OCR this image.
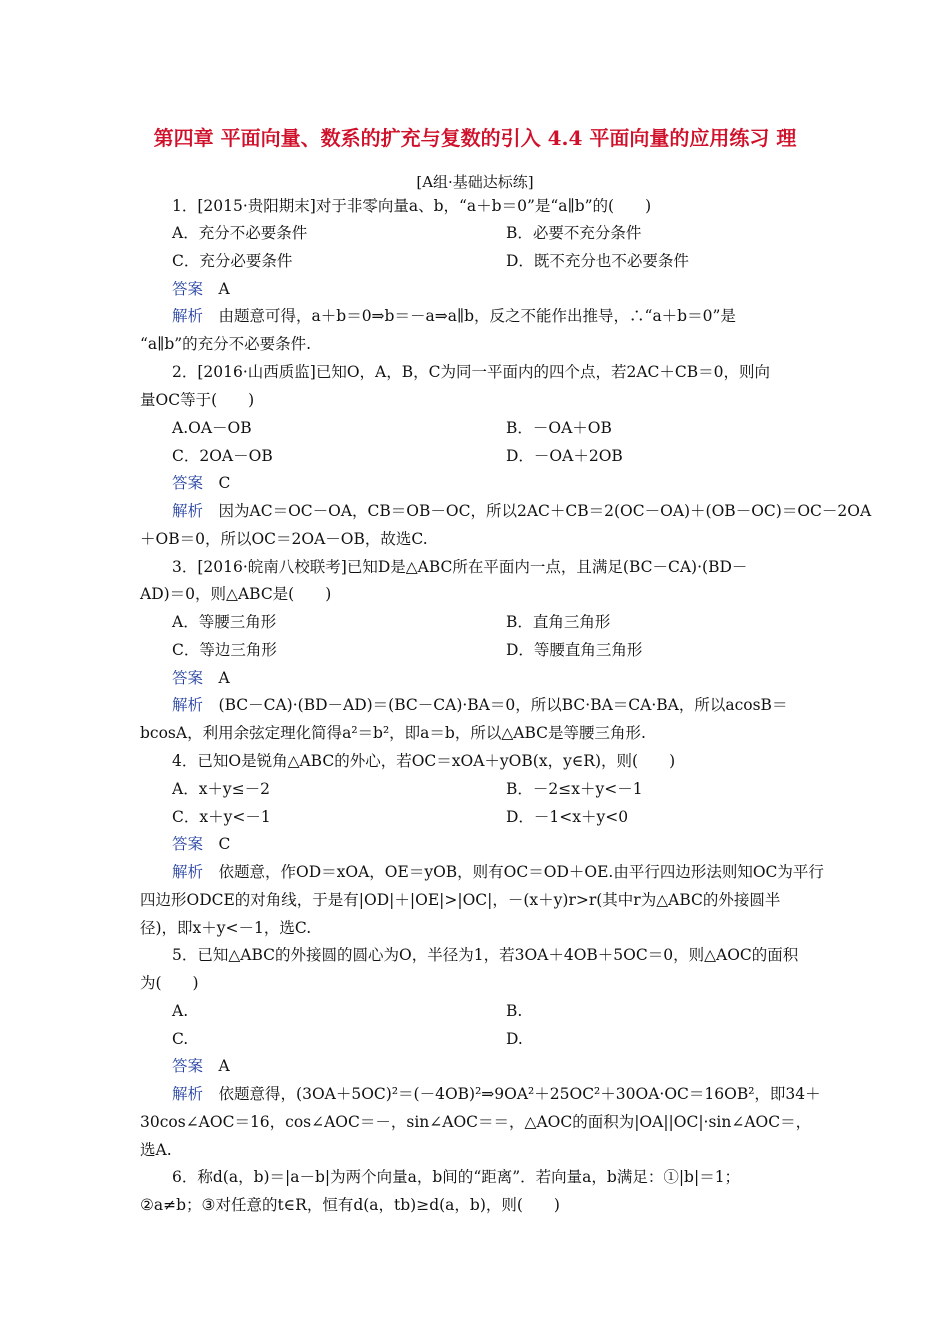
第四章 平面向量、数系的扩充与复数的引入 4.4 平面向量的应用练习 理
[A组·基础达标练]
1．[2015·贵阳期末]对于非零向量a、b，“a＋b＝0”是“a∥b”的(　　)
A．充分不必要条件	B．必要不充分条件
C．充分必要条件	D．既不充分也不必要条件
答案　 A
解析　 由题意可得，a＋b＝0⇒b＝－a⇒a∥b，反之不能作出推导，∴“a＋b＝0”是
“a∥b”的充分不必要条件.
2．[2016·山西质监]已知O，A，B，C为同一平面内的四个点，若2AC＋CB＝0，则向
量OC等于(　　)
A.OA－OB	B．－OA＋OB
C．2OA－OB	D．－OA＋2OB
答案　 C
解析　 因为AC＝OC－OA，CB＝OB－OC，所以2AC＋CB＝2(OC－OA)＋(OB－OC)＝OC－2OA
＋OB＝0，所以OC＝2OA－OB，故选C.
3．[2016·皖南八校联考]已知D是△ABC所在平面内一点，且满足(BC－CA)·(BD－
AD)＝0，则△ABC是(　　)
A．等腰三角形	B．直角三角形
C．等边三角形	D．等腰直角三角形
答案　 A
解析　 (BC－CA)·(BD－AD)＝(BC－CA)·BA＝0，所以BC·BA＝CA·BA，所以acosB＝
bcosA，利用余弦定理化简得a²＝b²，即a＝b，所以△ABC是等腰三角形.
4．已知O是锐角△ABC的外心，若OC＝xOA＋yOB(x，y∈R)，则(　　)
A．x＋y≤－2	B．－2≤x＋y<－1
C．x＋y<－1	D．－1<x＋y<0
答案　 C
解析　 依题意，作OD＝xOA，OE＝yOB，则有OC＝OD＋OE.由平行四边形法则知OC为平行
四边形ODCE的对角线，于是有|OD|＋|OE|>|OC|，－(x＋y)r>r(其中r为△ABC的外接圆半
径)，即x＋y<－1，选C.
5．已知△ABC的外接圆的圆心为O，半径为1，若3OA＋4OB＋5OC＝0，则△AOC的面积
为(　　)
A.	B.
C.	D.
答案　 A
解析　 依题意得，(3OA＋5OC)²＝(－4OB)²⇒9OA²＋25OC²＋30OA·OC＝16OB²，即34＋
30cos∠AOC＝16，cos∠AOC＝－，sin∠AOC＝＝，△AOC的面积为|OA||OC|·sin∠AOC＝，
选A.
6．称d(a，b)＝|a－b|为两个向量a，b间的“距离”．若向量a，b满足：①|b|＝1；
②a≠b；③对任意的t∈R，恒有d(a，tb)≥d(a，b)，则(　　)
